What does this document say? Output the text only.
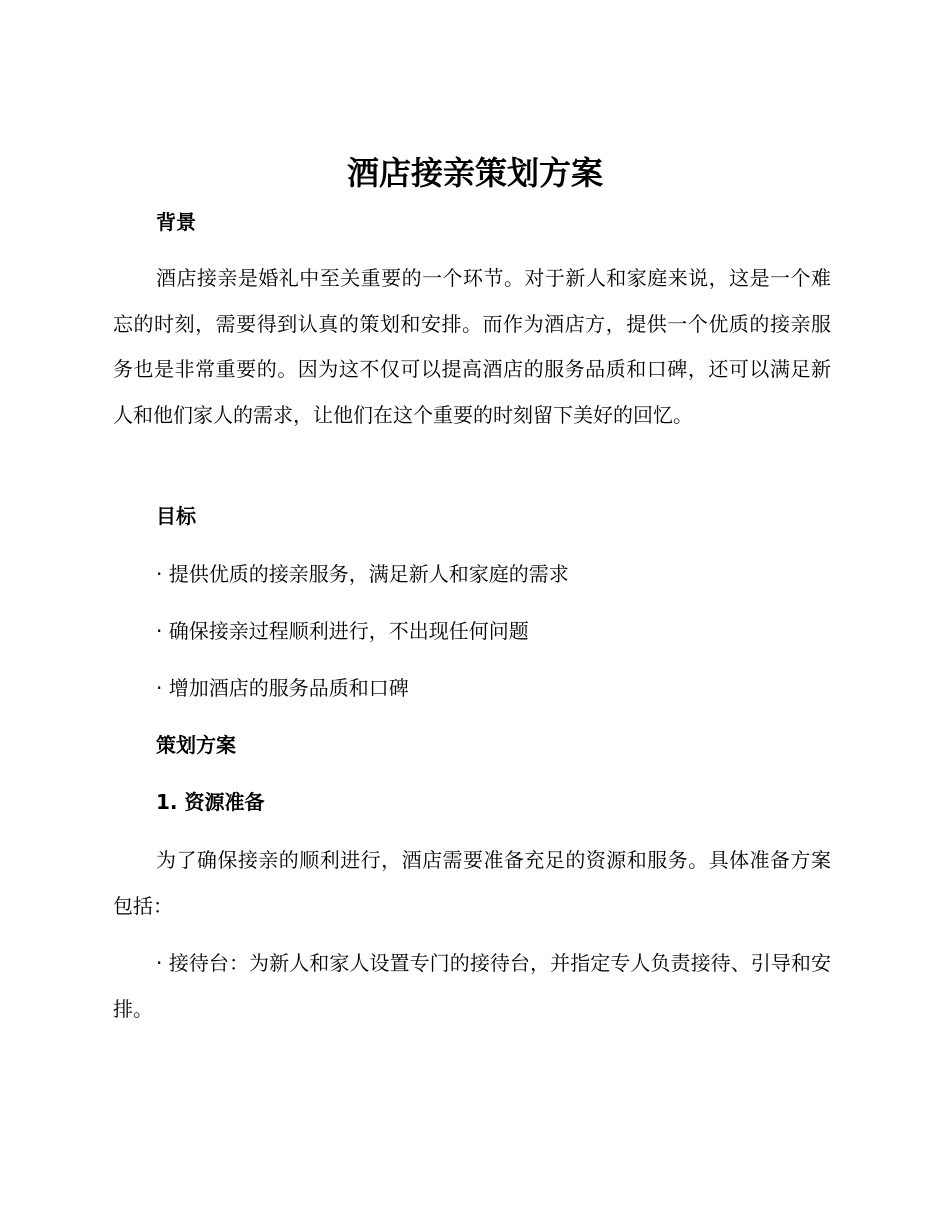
酒店接亲策划方案
背景

酒店接亲是婚礼中至关重要的一个环节。对于新人和家庭来说，这是一个难忘的时刻，需要得到认真的策划和安排。而作为酒店方，提供一个优质的接亲服务也是非常重要的。因为这不仅可以提高酒店的服务品质和口碑，还可以满足新人和他们家人的需求，让他们在这个重要的时刻留下美好的回忆。

目标
· 提供优质的接亲服务，满足新人和家庭的需求
· 确保接亲过程顺利进行，不出现任何问题
· 增加酒店的服务品质和口碑
策划方案
1. 资源准备

为了确保接亲的顺利进行，酒店需要准备充足的资源和服务。具体准备方案包括：

· 接待台：为新人和家人设置专门的接待台，并指定专人负责接待、引导和安排。
